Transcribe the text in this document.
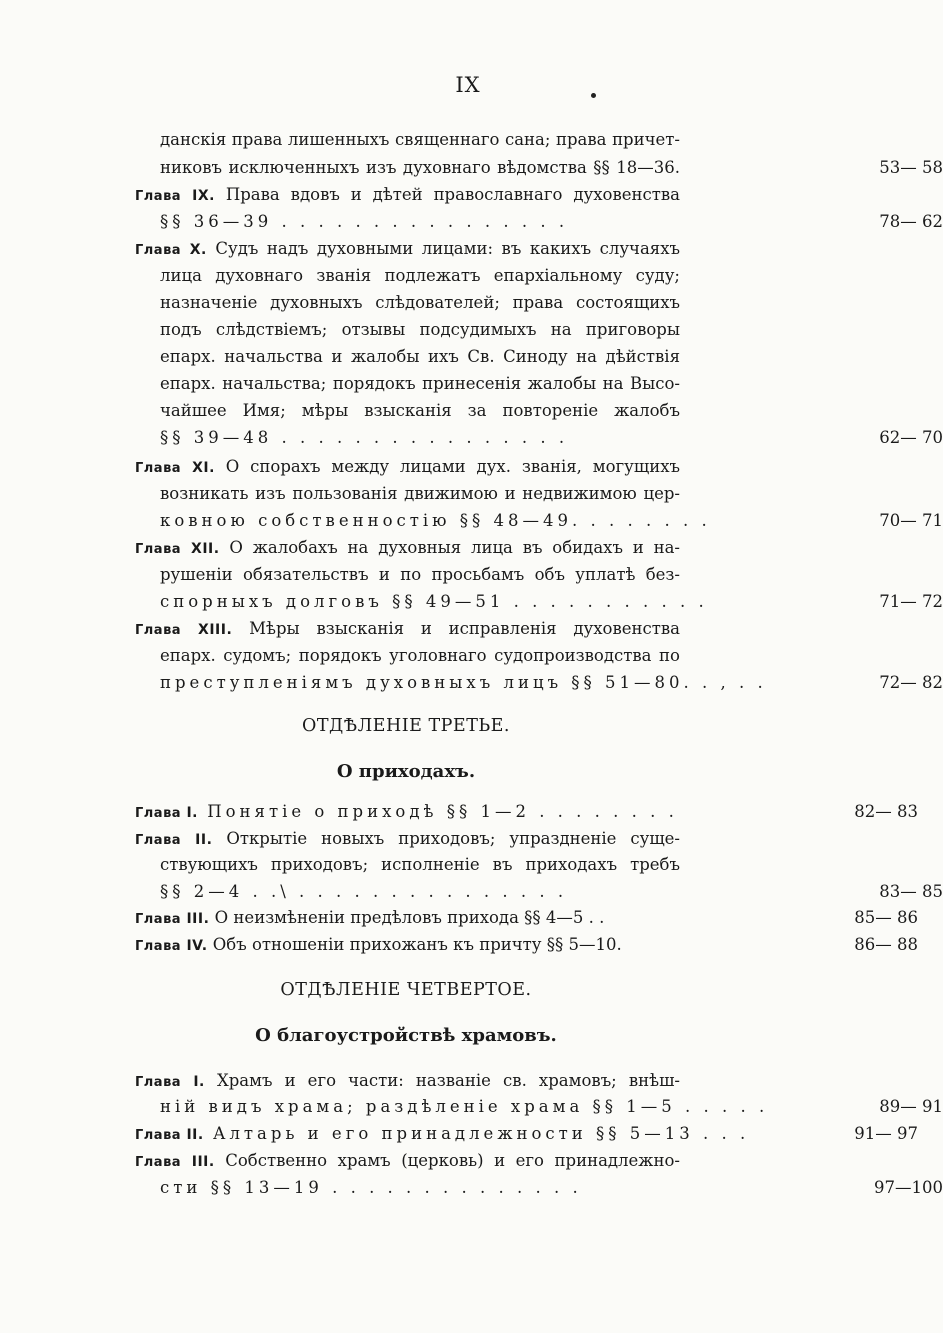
IX
данскія права лишенныхъ священнаго сана; права причет-
никовъ исключенныхъ изъ духовнаго вѣдомства §§ 18—36.	53— 58
Глава IX. Права вдовъ и дѣтей православнаго духовенства
§§ 36—39 . . . . . . . . . . . . . . . .	78— 62
Глава X. Судъ надъ духовными лицами: въ какихъ случаяхъ
лица духовнаго званія подлежатъ епархіальному суду;
назначеніе духовныхъ слѣдователей; права состоящихъ
подъ слѣдствіемъ; отзывы подсудимыхъ на приговоры
епарх. начальства и жалобы ихъ Св. Синоду на дѣйствія
епарх. начальства; порядокъ принесенія жалобы на Высо-
чайшее Имя; мѣры взысканія за повтореніе жалобъ
§§ 39—48 . . . . . . . . . . . . . . . .	62— 70
Глава XI. О спорахъ между лицами дух. званія, могущихъ
возникать изъ пользованія движимою и недвижимою цер-
ковною собственностію §§ 48—49. . . . . . . .	70— 71
Глава XII. О жалобахъ на духовныя лица въ обидахъ и на-
рушеніи обязательствъ и по просьбамъ объ уплатѣ без-
спорныхъ долговъ §§ 49—51 . . . . . . . . . . .	71— 72
Глава XIII. Мѣры взысканія и исправленія духовенства
епарх. судомъ; порядокъ уголовнаго судопроизводства по
преступленіямъ духовныхъ лицъ §§ 51—80. . , . .	72— 82
ОТДѢЛЕНІЕ ТРЕТЬЕ.
О приходахъ.
Глава I. Понятіе о приходѣ §§ 1—2 . . . . . . . .	82— 83
Глава II. Открытіе новыхъ приходовъ; упраздненіе суще-
ствующихъ приходовъ; исполненіе въ приходахъ требъ
§§ 2—4 . .\ . . . . . . . . . . . . . . .	83— 85
Глава III. О неизмѣненіи предѣловъ прихода §§ 4—5 . .	85— 86
Глава IV. Объ отношеніи прихожанъ къ причту §§ 5—10.	86— 88
ОТДѢЛЕНІЕ ЧЕТВЕРТОЕ.
О благоустройствѣ храмовъ.
Глава I. Храмъ и его части: названіе св. храмовъ; внѣш-
ній видъ храма; раздѣленіе храма §§ 1—5 . . . . .	89— 91
Глава II. Алтарь и его принадлежности §§ 5—13 . . .	91— 97
Глава III. Собственно храмъ (церковь) и его принадлежно-
сти §§ 13—19 . . . . . . . . . . . . . .	97—100
